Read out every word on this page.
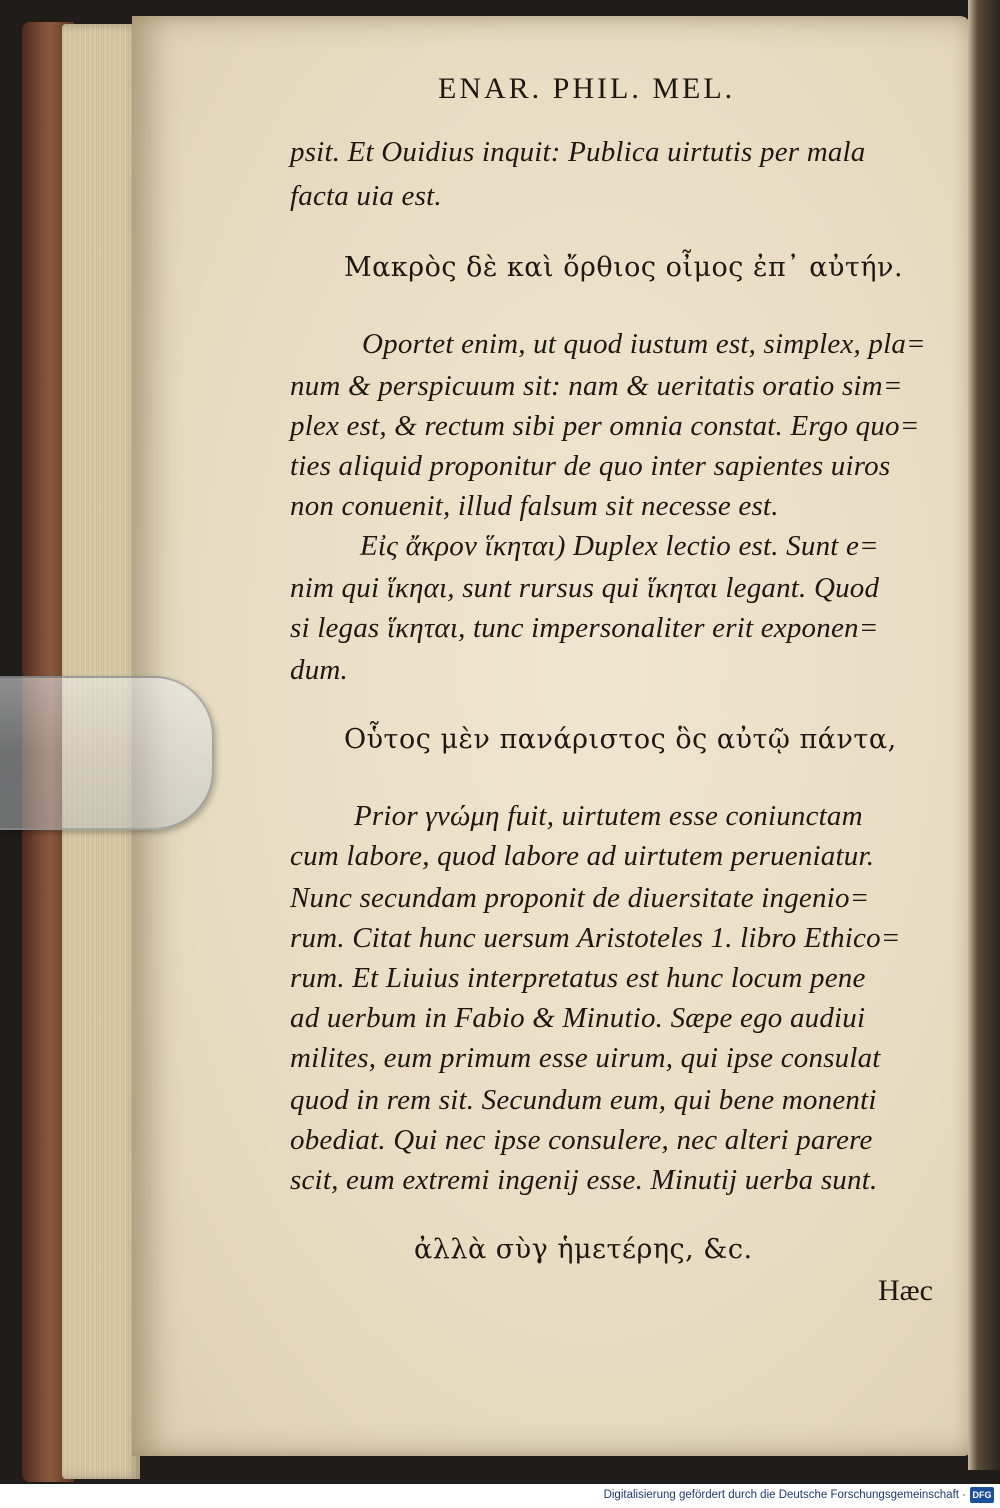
ENAR. PHIL. MEL.
psit. Et Ouidius inquit: Publica uirtutis per mala
facta uia est.
Μακρὸς δὲ καὶ ὄρθιος οἶμος ἐπ᾽ αὐτήν.
Oportet enim, ut quod iustum est, simplex, pla=
num & perspicuum sit: nam & ueritatis oratio sim=
plex est, & rectum sibi per omnia constat. Ergo quo=
ties aliquid proponitur de quo inter sapientes uiros
non conuenit, illud falsum sit necesse est.
Εἰς ἄκρον ἵκηται) Duplex lectio est. Sunt e=
nim qui ἵκηαι, sunt rursus qui ἵκηται legant. Quod
si legas ἵκηται, tunc impersonaliter erit exponen=
dum.
Οὗτος μὲν πανάριστος ὃς αὐτῷ πάντα,
Prior γνώμη fuit, uirtutem esse coniunctam
cum labore, quod labore ad uirtutem perueniatur.
Nunc secundam proponit de diuersitate ingenio=
rum. Citat hunc uersum Aristoteles 1. libro Ethico=
rum. Et Liuius interpretatus est hunc locum pene
ad uerbum in Fabio & Minutio. Sæpe ego audiui
milites, eum primum esse uirum, qui ipse consulat
quod in rem sit. Secundum eum, qui bene monenti
obediat. Qui nec ipse consulere, nec alteri parere
scit, eum extremi ingenij esse. Minutij uerba sunt.
ἀλλὰ σὺγ ἡμετέρης, &c.
Hæc
Digitalisierung gefördert durch die Deutsche Forschungsgemeinschaft · DFG
